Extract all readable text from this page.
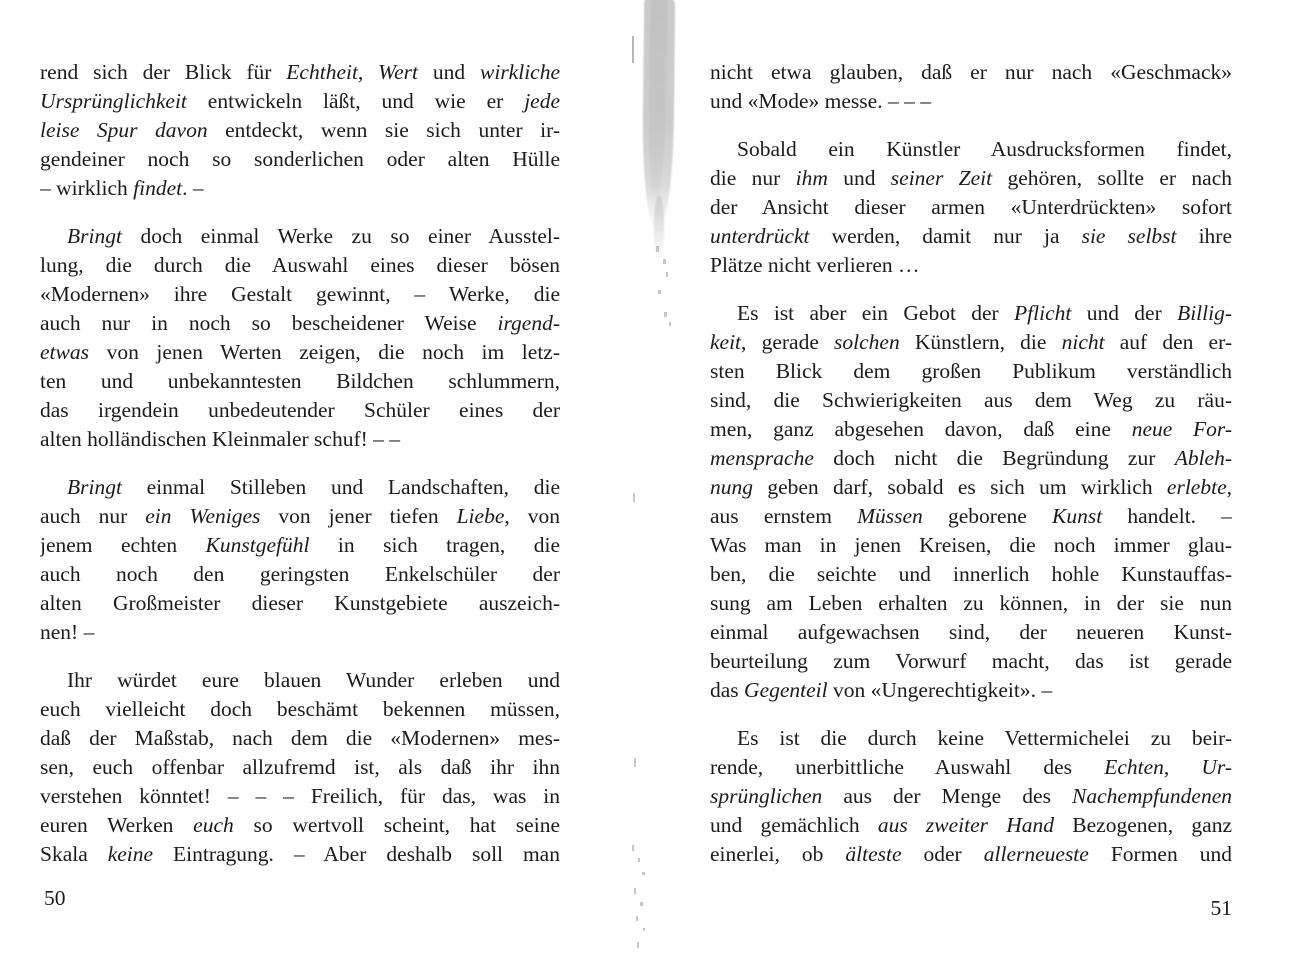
rend sich der Blick für Echtheit, Wert und wirkliche
Ursprünglichkeit entwickeln läßt, und wie er jede
leise Spur davon entdeckt, wenn sie sich unter ir-
gendeiner noch so sonderlichen oder alten Hülle
– wirklich findet. –
Bringt doch einmal Werke zu so einer Ausstel-
lung, die durch die Auswahl eines dieser bösen
«Modernen» ihre Gestalt gewinnt, – Werke, die
auch nur in noch so bescheidener Weise irgend-
etwas von jenen Werten zeigen, die noch im letz-
ten und unbekanntesten Bildchen schlummern,
das irgendein unbedeutender Schüler eines der
alten holländischen Kleinmaler schuf! – –
Bringt einmal Stilleben und Landschaften, die
auch nur ein Weniges von jener tiefen Liebe, von
jenem echten Kunstgefühl in sich tragen, die
auch noch den geringsten Enkelschüler der
alten Großmeister dieser Kunstgebiete auszeich-
nen! –
Ihr würdet eure blauen Wunder erleben und
euch vielleicht doch beschämt bekennen müssen,
daß der Maßstab, nach dem die «Modernen» mes-
sen, euch offenbar allzufremd ist, als daß ihr ihn
verstehen könntet! – – – Freilich, für das, was in
euren Werken euch so wertvoll scheint, hat seine
Skala keine Eintragung. – Aber deshalb soll man
50
nicht etwa glauben, daß er nur nach «Geschmack»
und «Mode» messe. – – –
Sobald ein Künstler Ausdrucksformen findet,
die nur ihm und seiner Zeit gehören, sollte er nach
der Ansicht dieser armen «Unterdrückten» sofort
unterdrückt werden, damit nur ja sie selbst ihre
Plätze nicht verlieren …
Es ist aber ein Gebot der Pflicht und der Billig-
keit, gerade solchen Künstlern, die nicht auf den er-
sten Blick dem großen Publikum verständlich
sind, die Schwierigkeiten aus dem Weg zu räu-
men, ganz abgesehen davon, daß eine neue For-
mensprache doch nicht die Begründung zur Ableh-
nung geben darf, sobald es sich um wirklich erlebte,
aus ernstem Müssen geborene Kunst handelt. –
Was man in jenen Kreisen, die noch immer glau-
ben, die seichte und innerlich hohle Kunstauffas-
sung am Leben erhalten zu können, in der sie nun
einmal aufgewachsen sind, der neueren Kunst-
beurteilung zum Vorwurf macht, das ist gerade
das Gegenteil von «Ungerechtigkeit». –
Es ist die durch keine Vettermichelei zu beir-
rende, unerbittliche Auswahl des Echten, Ur-
sprünglichen aus der Menge des Nachempfundenen
und gemächlich aus zweiter Hand Bezogenen, ganz
einerlei, ob älteste oder allerneueste Formen und
51
